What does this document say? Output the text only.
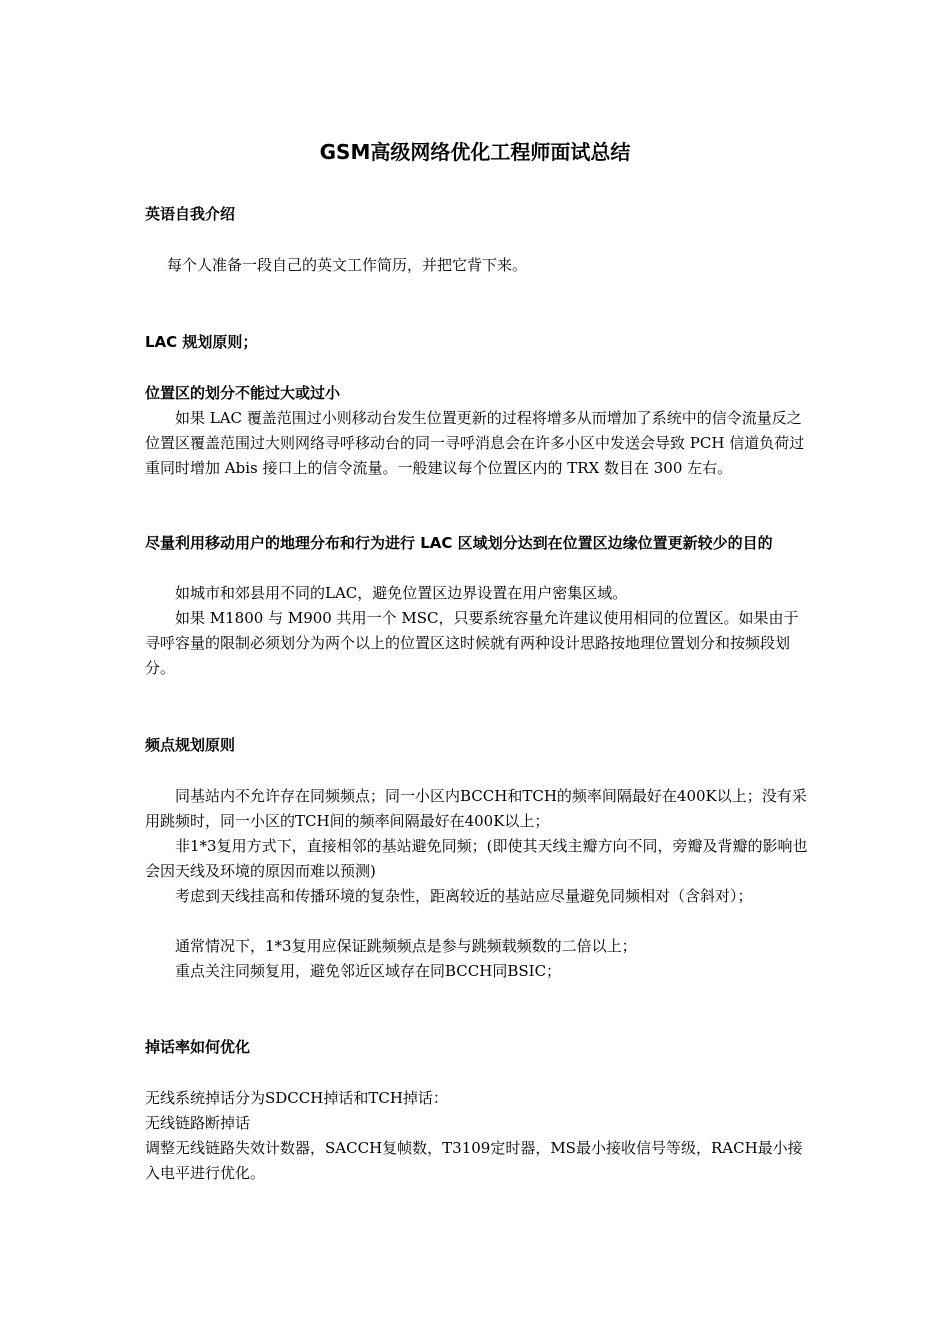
GSM高级网络优化工程师面试总结

英语自我介绍

每个人准备一段自己的英文工作简历，并把它背下来。

LAC 规划原则；

位置区的划分不能过大或过小

如果 LAC 覆盖范围过小则移动台发生位置更新的过程将增多从而增加了系统中的信令流量反之位置区覆盖范围过大则网络寻呼移动台的同一寻呼消息会在许多小区中发送会导致 PCH 信道负荷过重同时增加 Abis 接口上的信令流量。一般建议每个位置区内的 TRX 数目在 300 左右。

尽量利用移动用户的地理分布和行为进行 LAC 区域划分达到在位置区边缘位置更新较少的目的

如城市和郊县用不同的LAC，避免位置区边界设置在用户密集区域。

如果 M1800 与 M900 共用一个 MSC，只要系统容量允许建议使用相同的位置区。如果由于寻呼容量的限制必须划分为两个以上的位置区这时候就有两种设计思路按地理位置划分和按频段划分。

频点规划原则

同基站内不允许存在同频频点；同一小区内BCCH和TCH的频率间隔最好在400K以上；没有采用跳频时，同一小区的TCH间的频率间隔最好在400K以上；

非1*3复用方式下，直接相邻的基站避免同频；(即使其天线主瓣方向不同，旁瓣及背瓣的影响也会因天线及环境的原因而难以预测)

考虑到天线挂高和传播环境的复杂性，距离较近的基站应尽量避免同频相对（含斜对）；

通常情况下，1*3复用应保证跳频频点是参与跳频载频数的二倍以上；

重点关注同频复用，避免邻近区域存在同BCCH同BSIC；

掉话率如何优化

无线系统掉话分为SDCCH掉话和TCH掉话：

无线链路断掉话

调整无线链路失效计数器，SACCH复帧数，T3109定时器，MS最小接收信号等级，RACH最小接入电平进行优化。
